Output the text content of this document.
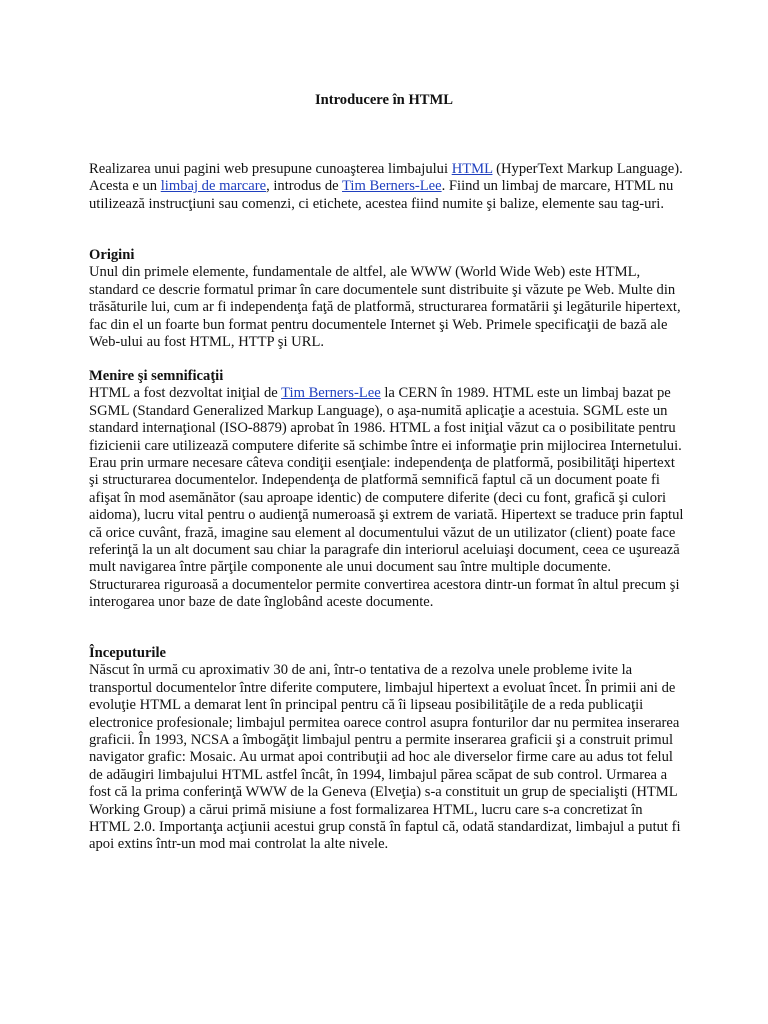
Introducere în HTML

Realizarea unui pagini web presupune cunoaşterea limbajului HTML (HyperText Markup Language). Acesta e un limbaj de marcare, introdus de Tim Berners-Lee. Fiind un limbaj de marcare, HTML nu utilizează instrucţiuni sau comenzi, ci etichete, acestea fiind numite şi balize, elemente sau tag-uri.

Origini

Unul din primele elemente, fundamentale de altfel, ale WWW (World Wide Web) este HTML, standard ce descrie formatul primar în care documentele sunt distribuite şi văzute pe Web. Multe din trăsăturile lui, cum ar fi independenţa faţă de platformă, structurarea formatării şi legăturile hipertext, fac din el un foarte bun format pentru documentele Internet şi Web. Primele specificaţii de bază ale Web-ului au fost HTML, HTTP şi URL.

Menire şi semnificaţii

HTML a fost dezvoltat iniţial de Tim Berners-Lee la CERN în 1989. HTML este un limbaj bazat pe SGML (Standard Generalized Markup Language), o aşa-numită aplicaţie a acestuia. SGML este un standard internaţional (ISO-8879) aprobat în 1986. HTML a fost iniţial văzut ca o posibilitate pentru fizicienii care utilizează computere diferite să schimbe între ei informaţie prin mijlocirea Internetului. Erau prin urmare necesare câteva condiţii esenţiale: independenţa de platformă, posibilităţi hipertext şi structurarea documentelor. Independenţa de platformă semnifică faptul că un document poate fi afişat în mod asemănător (sau aproape identic) de computere diferite (deci cu font, grafică şi culori aidoma), lucru vital pentru o audienţă numeroasă şi extrem de variată. Hipertext se traduce prin faptul că orice cuvânt, frază, imagine sau element al documentului văzut de un utilizator (client) poate face referinţă la un alt document sau chiar la paragrafe din interiorul aceluiaşi document, ceea ce uşurează mult navigarea între părţile componente ale unui document sau între multiple documente. Structurarea riguroasă a documentelor permite convertirea acestora dintr-un format în altul precum şi interogarea unor baze de date înglobând aceste documente.

Începuturile

Născut în urmă cu aproximativ 30 de ani, într-o tentativa de a rezolva unele probleme ivite la transportul documentelor între diferite computere, limbajul hipertext a evoluat încet. În primii ani de evoluţie HTML a demarat lent în principal pentru că îi lipseau posibilităţile de a reda publicaţii electronice profesionale; limbajul permitea oarece control asupra fonturilor dar nu permitea inserarea graficii. În 1993, NCSA a îmbogăţit limbajul pentru a permite inserarea graficii şi a construit primul navigator grafic: Mosaic. Au urmat apoi contribuţii ad hoc ale diverselor firme care au adus tot felul de adăugiri limbajului HTML astfel încât, în 1994, limbajul părea scăpat de sub control. Urmarea a fost că la prima conferinţă WWW de la Geneva (Elveţia) s-a constituit un grup de specialişti (HTML Working Group) a cărui primă misiune a fost formalizarea HTML, lucru care s-a concretizat în HTML 2.0. Importanţa acţiunii acestui grup constă în faptul că, odată standardizat, limbajul a putut fi apoi extins într-un mod mai controlat la alte nivele.
